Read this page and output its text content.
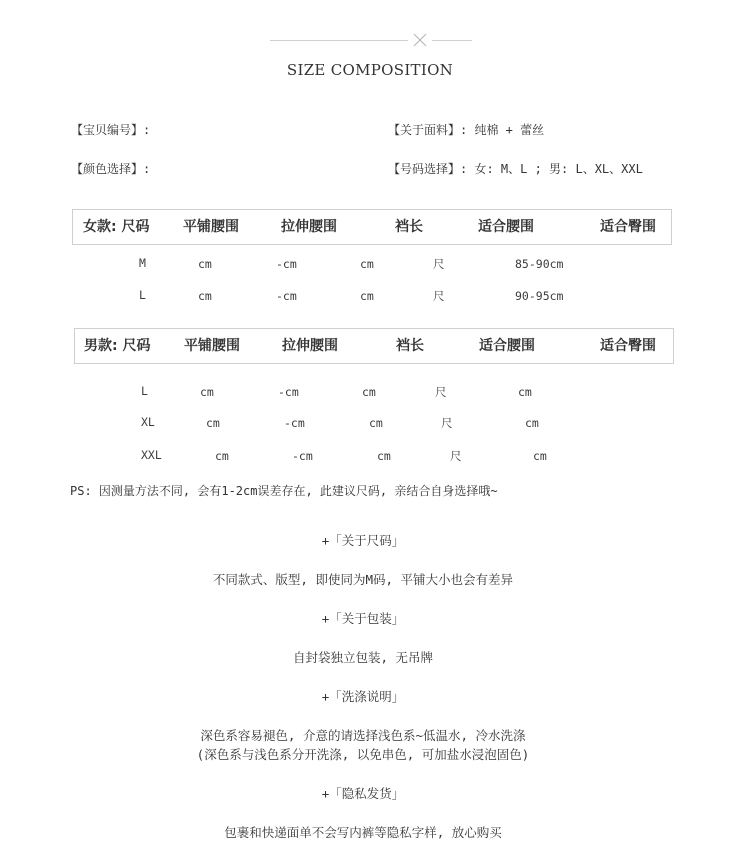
SIZE COMPOSITION
【宝贝编号】:	【关于面料】: 纯棉 + 蕾丝
【颜色选择】:	【号码选择】: 女: M、L ; 男: L、XL、XXL
女款: 尺码 平铺腰围	拉伸腰围	裆长	适合腰围	适合臀围
M	cm	-cm	cm	尺	85-90cm
L	cm	-cm	cm	尺	90-95cm
男款: 尺码 平铺腰围	拉伸腰围	裆长	适合腰围	适合臀围
L	cm	-cm	cm	尺	cm
XL	cm	-cm	cm	尺	cm
XXL	cm	-cm	cm	尺	cm
PS: 因测量方法不同, 会有1-2cm误差存在, 此建议尺码, 亲结合自身选择哦~
+「关于尺码」
不同款式、版型, 即使同为M码, 平铺大小也会有差异
+「关于包装」
自封袋独立包装, 无吊牌
+「洗涤说明」
深色系容易褪色, 介意的请选择浅色系~低温水, 冷水洗涤
(深色系与浅色系分开洗涤, 以免串色, 可加盐水浸泡固色)
+「隐私发货」
包裹和快递面单不会写内裤等隐私字样, 放心购买
